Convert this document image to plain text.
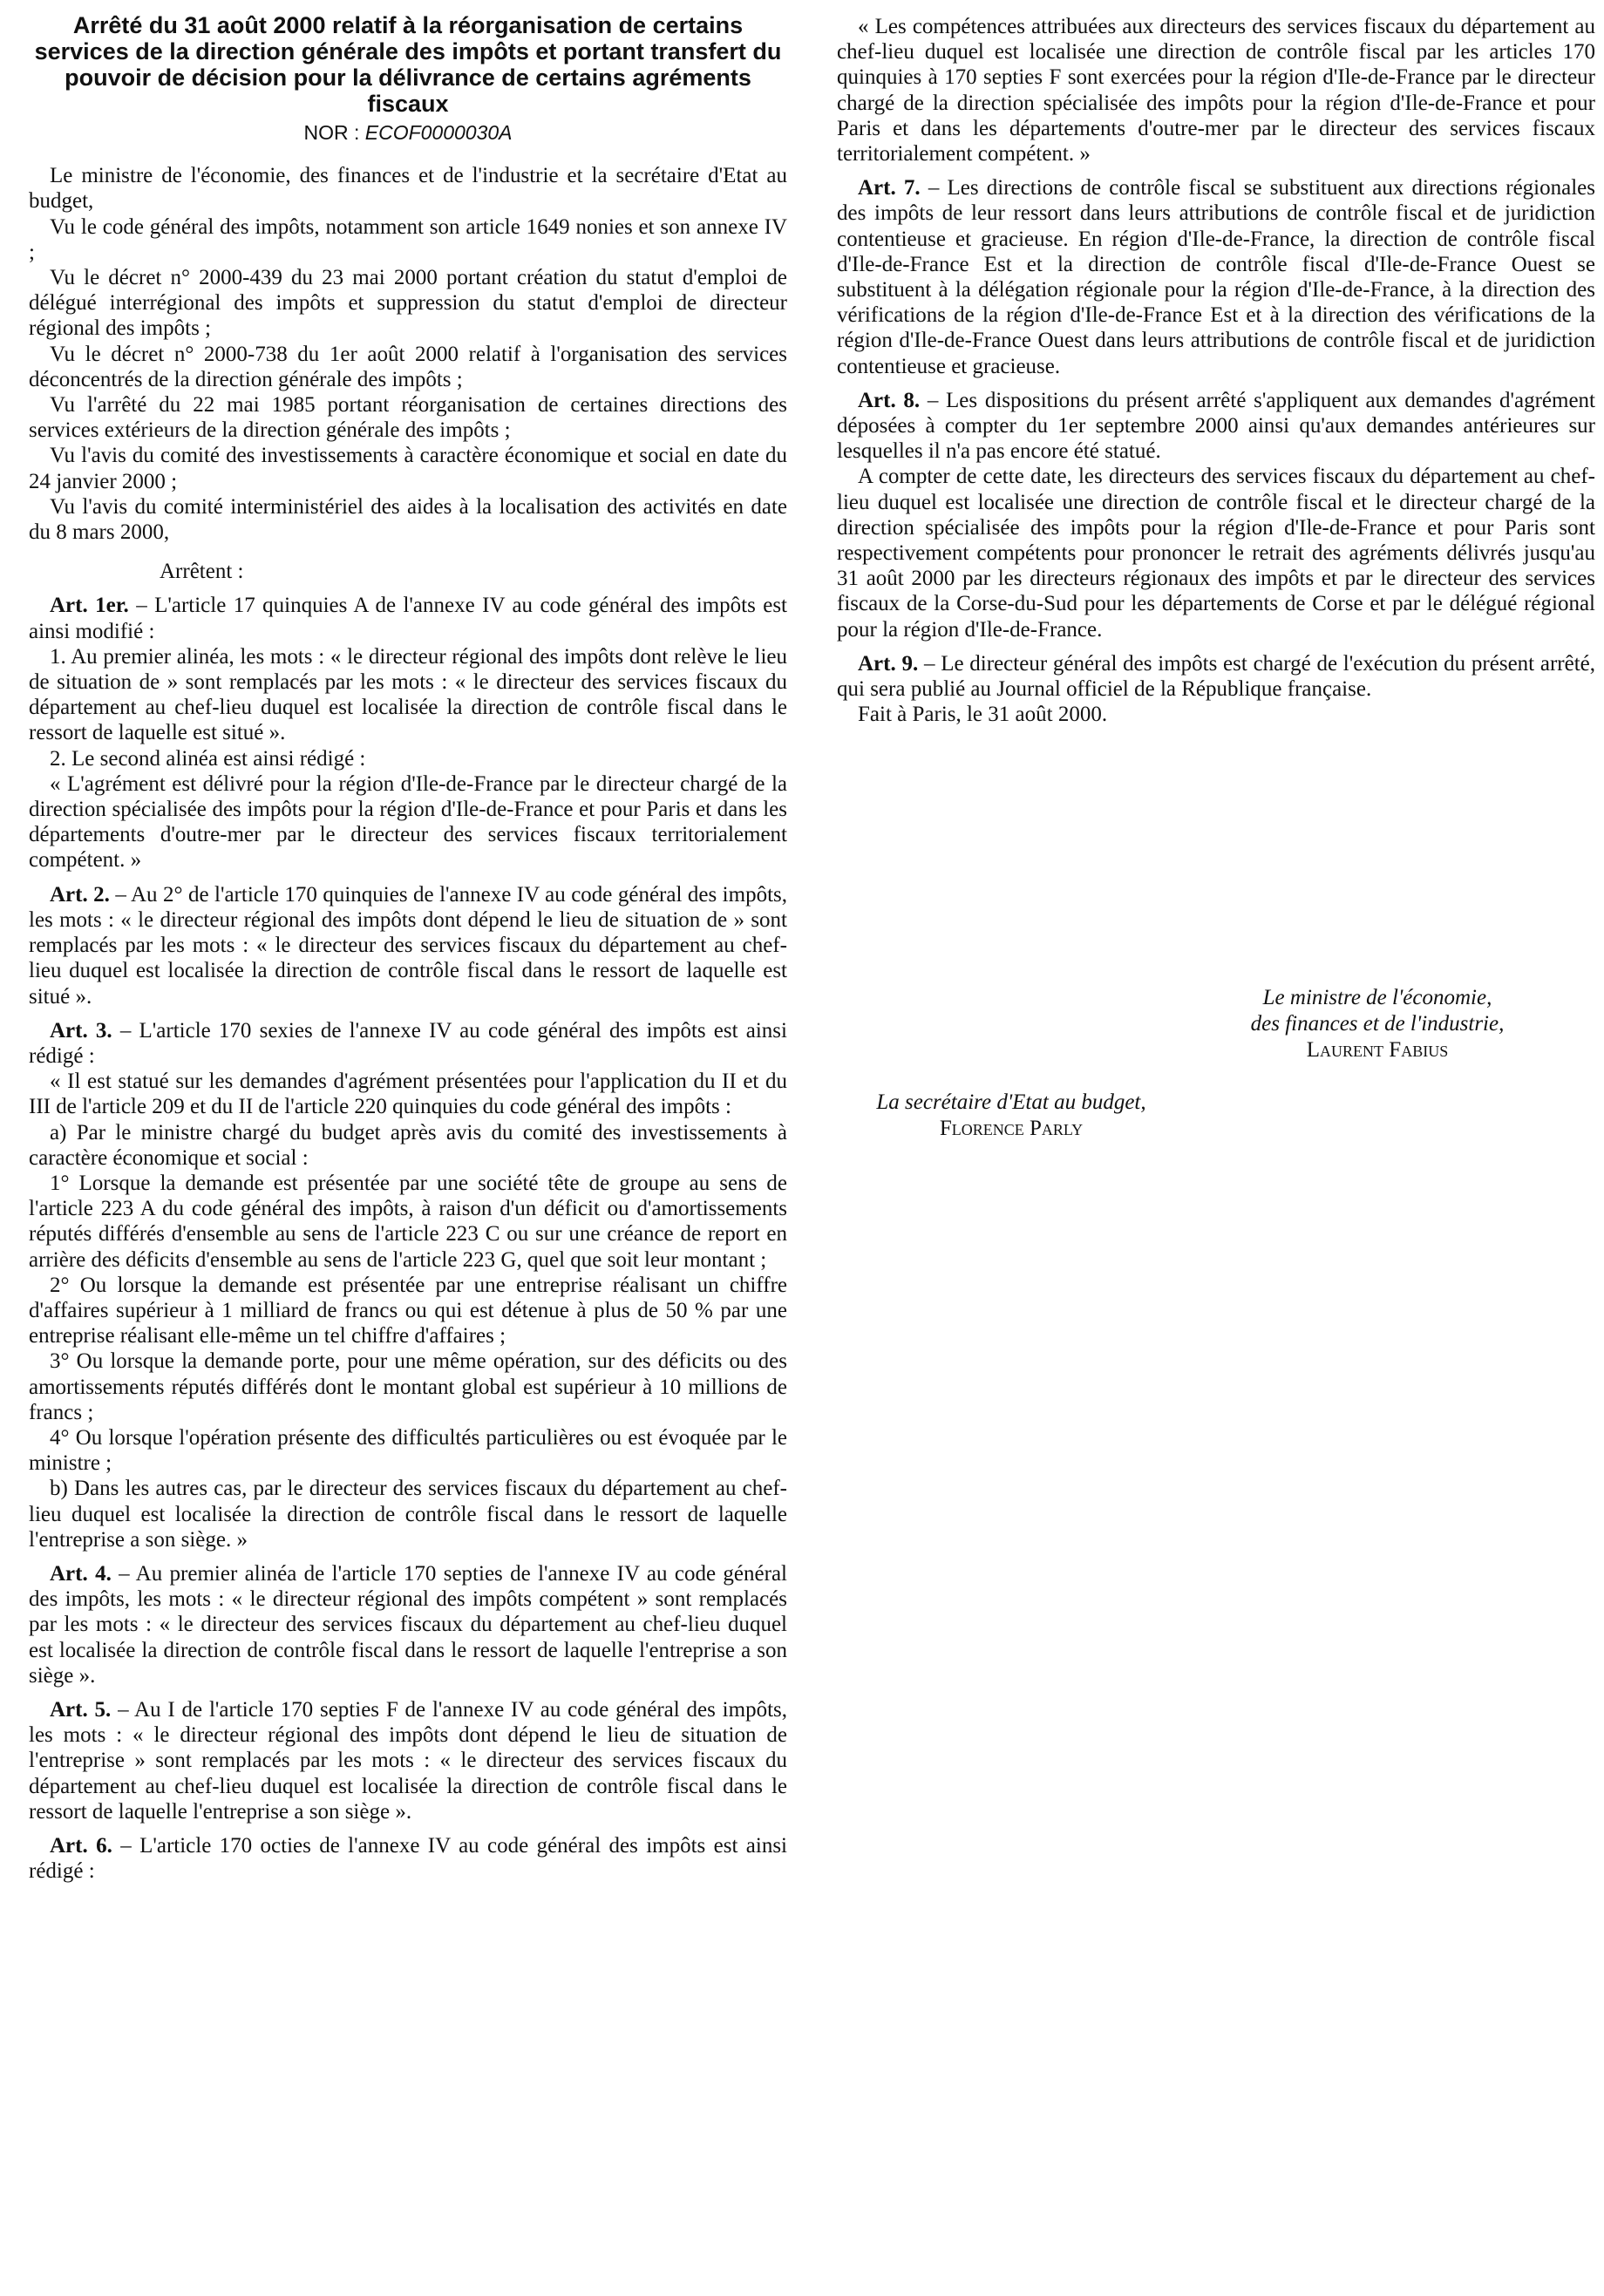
Arrêté du 31 août 2000 relatif à la réorganisation de certains services de la direction générale des impôts et portant transfert du pouvoir de décision pour la délivrance de certains agréments fiscaux
NOR : ECOF0000030A

Le ministre de l'économie, des finances et de l'industrie et la secrétaire d'Etat au budget,

Vu le code général des impôts, notamment son article 1649 nonies et son annexe IV ;

Vu le décret n° 2000-439 du 23 mai 2000 portant création du statut d'emploi de délégué interrégional des impôts et suppression du statut d'emploi de directeur régional des impôts ;

Vu le décret n° 2000-738 du 1er août 2000 relatif à l'organisation des services déconcentrés de la direction générale des impôts ;

Vu l'arrêté du 22 mai 1985 portant réorganisation de certaines directions des services extérieurs de la direction générale des impôts ;

Vu l'avis du comité des investissements à caractère économique et social en date du 24 janvier 2000 ;

Vu l'avis du comité interministériel des aides à la localisation des activités en date du 8 mars 2000,

Arrêtent :

Art. 1er. – L'article 17 quinquies A de l'annexe IV au code général des impôts est ainsi modifié :

1. Au premier alinéa, les mots : « le directeur régional des impôts dont relève le lieu de situation de » sont remplacés par les mots : « le directeur des services fiscaux du département au chef-lieu duquel est localisée la direction de contrôle fiscal dans le ressort de laquelle est situé ».

2. Le second alinéa est ainsi rédigé :

« L'agrément est délivré pour la région d'Ile-de-France par le directeur chargé de la direction spécialisée des impôts pour la région d'Ile-de-France et pour Paris et dans les départements d'outre-mer par le directeur des services fiscaux territorialement compétent. »

Art. 2. – Au 2° de l'article 170 quinquies de l'annexe IV au code général des impôts, les mots : « le directeur régional des impôts dont dépend le lieu de situation de » sont remplacés par les mots : « le directeur des services fiscaux du département au chef-lieu duquel est localisée la direction de contrôle fiscal dans le ressort de laquelle est situé ».

Art. 3. – L'article 170 sexies de l'annexe IV au code général des impôts est ainsi rédigé :

« Il est statué sur les demandes d'agrément présentées pour l'application du II et du III de l'article 209 et du II de l'article 220 quinquies du code général des impôts :

a) Par le ministre chargé du budget après avis du comité des investissements à caractère économique et social :

1° Lorsque la demande est présentée par une société tête de groupe au sens de l'article 223 A du code général des impôts, à raison d'un déficit ou d'amortissements réputés différés d'ensemble au sens de l'article 223 C ou sur une créance de report en arrière des déficits d'ensemble au sens de l'article 223 G, quel que soit leur montant ;

2° Ou lorsque la demande est présentée par une entreprise réalisant un chiffre d'affaires supérieur à 1 milliard de francs ou qui est détenue à plus de 50 % par une entreprise réalisant elle-même un tel chiffre d'affaires ;

3° Ou lorsque la demande porte, pour une même opération, sur des déficits ou des amortissements réputés différés dont le montant global est supérieur à 10 millions de francs ;

4° Ou lorsque l'opération présente des difficultés particulières ou est évoquée par le ministre ;

b) Dans les autres cas, par le directeur des services fiscaux du département au chef-lieu duquel est localisée la direction de contrôle fiscal dans le ressort de laquelle l'entreprise a son siège. »

Art. 4. – Au premier alinéa de l'article 170 septies de l'annexe IV au code général des impôts, les mots : « le directeur régional des impôts compétent » sont remplacés par les mots : « le directeur des services fiscaux du département au chef-lieu duquel est localisée la direction de contrôle fiscal dans le ressort de laquelle l'entreprise a son siège ».

Art. 5. – Au I de l'article 170 septies F de l'annexe IV au code général des impôts, les mots : « le directeur régional des impôts dont dépend le lieu de situation de l'entreprise » sont remplacés par les mots : « le directeur des services fiscaux du département au chef-lieu duquel est localisée la direction de contrôle fiscal dans le ressort de laquelle l'entreprise a son siège ».

Art. 6. – L'article 170 octies de l'annexe IV au code général des impôts est ainsi rédigé :

« Les compétences attribuées aux directeurs des services fiscaux du département au chef-lieu duquel est localisée une direction de contrôle fiscal par les articles 170 quinquies à 170 septies F sont exercées pour la région d'Ile-de-France par le directeur chargé de la direction spécialisée des impôts pour la région d'Ile-de-France et pour Paris et dans les départements d'outre-mer par le directeur des services fiscaux territorialement compétent. »

Art. 7. – Les directions de contrôle fiscal se substituent aux directions régionales des impôts de leur ressort dans leurs attributions de contrôle fiscal et de juridiction contentieuse et gracieuse. En région d'Ile-de-France, la direction de contrôle fiscal d'Ile-de-France Est et la direction de contrôle fiscal d'Ile-de-France Ouest se substituent à la délégation régionale pour la région d'Ile-de-France, à la direction des vérifications de la région d'Ile-de-France Est et à la direction des vérifications de la région d'Ile-de-France Ouest dans leurs attributions de contrôle fiscal et de juridiction contentieuse et gracieuse.

Art. 8. – Les dispositions du présent arrêté s'appliquent aux demandes d'agrément déposées à compter du 1er septembre 2000 ainsi qu'aux demandes antérieures sur lesquelles il n'a pas encore été statué.

A compter de cette date, les directeurs des services fiscaux du département au chef-lieu duquel est localisée une direction de contrôle fiscal et le directeur chargé de la direction spécialisée des impôts pour la région d'Ile-de-France et pour Paris sont respectivement compétents pour prononcer le retrait des agréments délivrés jusqu'au 31 août 2000 par les directeurs régionaux des impôts et par le directeur des services fiscaux de la Corse-du-Sud pour les départements de Corse et par le délégué régional pour la région d'Ile-de-France.

Art. 9. – Le directeur général des impôts est chargé de l'exécution du présent arrêté, qui sera publié au Journal officiel de la République française.

Fait à Paris, le 31 août 2000.

Le ministre de l'économie,
des finances et de l'industrie,
Laurent Fabius
La secrétaire d'Etat au budget,
Florence Parly
